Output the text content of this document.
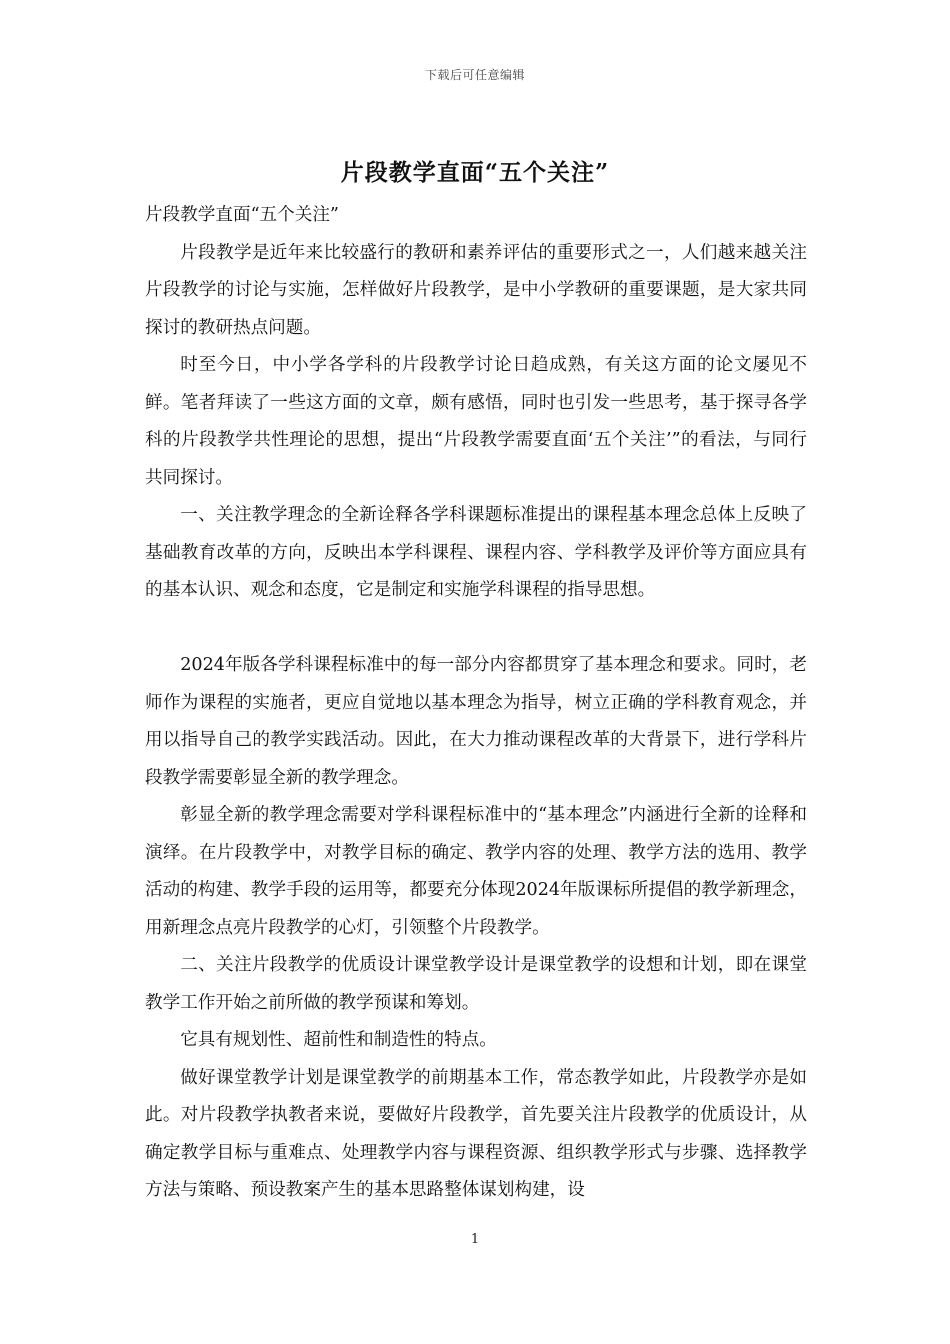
下载后可任意编辑
片段教学直面“五个关注”

片段教学直面“五个关注”

片段教学是近年来比较盛行的教研和素养评估的重要形式之一，人们越来越关注片段教学的讨论与实施，怎样做好片段教学，是中小学教研的重要课题，是大家共同探讨的教研热点问题。

时至今日，中小学各学科的片段教学讨论日趋成熟，有关这方面的论文屡见不鲜。笔者拜读了一些这方面的文章，颇有感悟，同时也引发一些思考，基于探寻各学科的片段教学共性理论的思想，提出“片段教学需要直面‘五个关注’”的看法，与同行共同探讨。

一、关注教学理念的全新诠释各学科课题标准提出的课程基本理念总体上反映了基础教育改革的方向，反映出本学科课程、课程内容、学科教学及评价等方面应具有的基本认识、观念和态度，它是制定和实施学科课程的指导思想。

2024年版各学科课程标准中的每一部分内容都贯穿了基本理念和要求。同时，老师作为课程的实施者，更应自觉地以基本理念为指导，树立正确的学科教育观念，并用以指导自己的教学实践活动。因此，在大力推动课程改革的大背景下，进行学科片段教学需要彰显全新的教学理念。

彰显全新的教学理念需要对学科课程标准中的“基本理念”内涵进行全新的诠释和演绎。在片段教学中，对教学目标的确定、教学内容的处理、教学方法的选用、教学活动的构建、教学手段的运用等，都要充分体现2024年版课标所提倡的教学新理念，用新理念点亮片段教学的心灯，引领整个片段教学。

二、关注片段教学的优质设计课堂教学设计是课堂教学的设想和计划，即在课堂教学工作开始之前所做的教学预谋和筹划。

它具有规划性、超前性和制造性的特点。

做好课堂教学计划是课堂教学的前期基本工作，常态教学如此，片段教学亦是如此。对片段教学执教者来说，要做好片段教学，首先要关注片段教学的优质设计，从确定教学目标与重难点、处理教学内容与课程资源、组织教学形式与步骤、选择教学方法与策略、预设教案产生的基本思路整体谋划构建，设

1
